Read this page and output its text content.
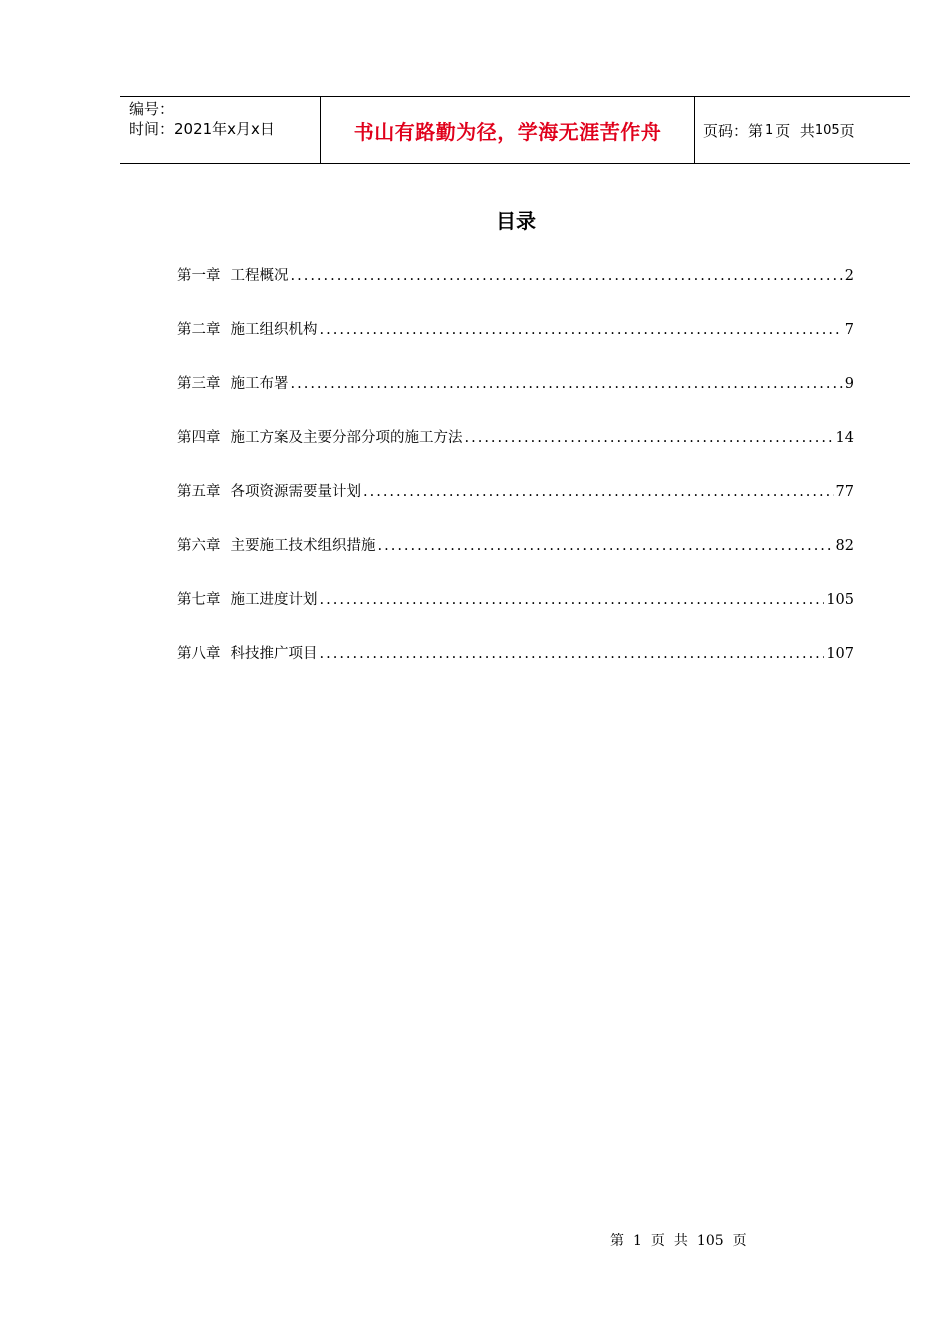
编号：
时间：2021年x月x日	书山有路勤为径，学海无涯苦作舟	页码：第 1 页  共 105 页
目录
第一章 工程概况 .....	2
第二章 施工组织机构 .....	7
第三章 施工布署 .....	9
第四章 施工方案及主要分部分项的施工方法 .....	14
第五章 各项资源需要量计划 .....	77
第六章 主要施工技术组织措施 .....	82
第七章 施工进度计划 .....	105
第八章 科技推广项目 .....	107
第 1 页 共 105 页
